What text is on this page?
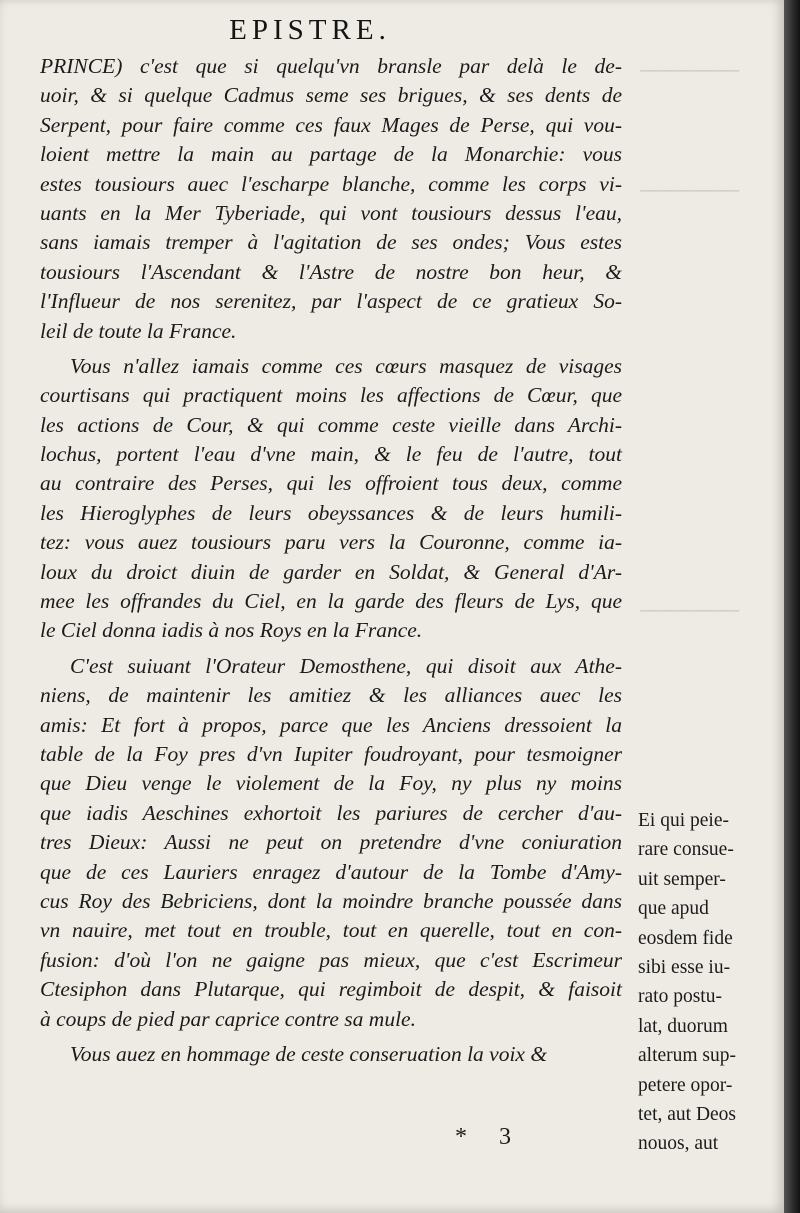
───────
───────
───────
EPISTRE.
PRINCE) c'est que si quelqu'vn bransle par delà le de-
uoir, & si quelque Cadmus seme ses brigues, & ses dents de
Serpent, pour faire comme ces faux Mages de Perse, qui vou-
loient mettre la main au partage de la Monarchie: vous
estes tousiours auec l'escharpe blanche, comme les corps vi-
uants en la Mer Tyberiade, qui vont tousiours dessus l'eau,
sans iamais tremper à l'agitation de ses ondes; Vous estes
tousiours l'Ascendant & l'Astre de nostre bon heur, &
l'Influeur de nos serenitez, par l'aspect de ce gratieux So-
leil de toute la France.
Vous n'allez iamais comme ces cœurs masquez de visages
courtisans qui practiquent moins les affections de Cœur, que
les actions de Cour, & qui comme ceste vieille dans Archi-
lochus, portent l'eau d'vne main, & le feu de l'autre, tout
au contraire des Perses, qui les offroient tous deux, comme
les Hieroglyphes de leurs obeyssances & de leurs humili-
tez: vous auez tousiours paru vers la Couronne, comme ia-
loux du droict diuin de garder en Soldat, & General d'Ar-
mee les offrandes du Ciel, en la garde des fleurs de Lys, que
le Ciel donna iadis à nos Roys en la France.
C'est suiuant l'Orateur Demosthene, qui disoit aux Athe-
niens, de maintenir les amitiez & les alliances auec les
amis: Et fort à propos, parce que les Anciens dressoient la
table de la Foy pres d'vn Iupiter foudroyant, pour tesmoigner
que Dieu venge le violement de la Foy, ny plus ny moins
que iadis Aeschines exhortoit les pariures de cercher d'au-
tres Dieux: Aussi ne peut on pretendre d'vne coniuration
que de ces Lauriers enragez d'autour de la Tombe d'Amy-
cus Roy des Bebriciens, dont la moindre branche poussée dans
vn nauire, met tout en trouble, tout en querelle, tout en con-
fusion: d'où l'on ne gaigne pas mieux, que c'est Escrimeur
Ctesiphon dans Plutarque, qui regimboit de despit, & faisoit
à coups de pied par caprice contre sa mule.
Vous auez en hommage de ceste conseruation la voix &
Ei qui peie-
rare consue-
uit semper-
que apud
eosdem fide
sibi esse iu-
rato postu-
lat, duorum
alterum sup-
petere opor-
tet, aut Deos
nouos, aut
* 3
